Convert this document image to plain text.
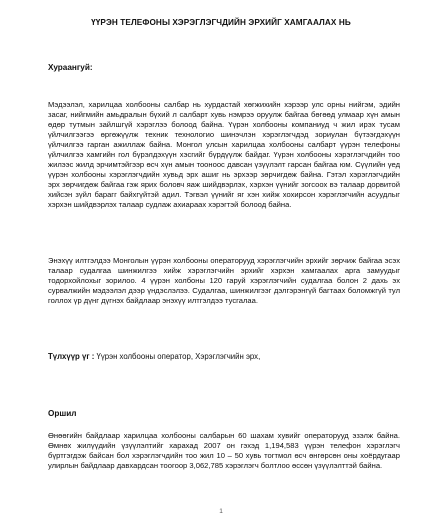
ҮҮРЭН ТЕЛЕФОНЫ ХЭРЭГЛЭГЧДИЙН ЭРХИЙГ ХАМГААЛАХ НЬ
Хураангуй:
Мэдээлэл, харилцаа холбооны салбар нь хурдастай хөгжихийн хэрээр улс орны нийгэм, эдийн засаг, нийгмийн амьдралын бүхий л салбарт хувь нэмрээ оруулж байгаа бөгөөд улмаар хүн амын өдөр тутмын зайлшгүй хэрэглээ болоод байна. Үүрэн холбооны компаниуд ч жил ирэх тусам үйлчилгээгээ өргөжүүлж техник технологио шинэчлэн хэрэглэгчдэд зориулан бүтээгдэхүүн үйлчилгээ гарган ажиллаж байна. Монгол улсын харилцаа холбооны салбарт үүрэн телефоны үйлчилгээ хамгийн гол бүрэлдэхүүн хэсгийг бүрдүүлж байдаг. Үүрэн холбооны хэрэглэгчдийн тоо жилээс жилд эрчимтэйгээр өсч хүн амын тооноос давсан үзүүлэлт гарсан байгаа юм. Сүүлийн үед үүрэн холбооны хэрэглэгчдийн хувьд эрх ашиг нь эрхээр зөрчигдөж байна. Гэтэл хэрэглэгчдийн эрх зөрчигдөж байгаа гэж ярих боловч яаж шийдвэрлэх, хэрхэн үүнийг зогсоох вэ талаар дорвитой хийсэн зүйл барагг байхгүйтэй адил. Тэгвэл үүнийг яг хэн хийж хохирсон хэрэглэгчийн асуудлыг хэрхэн шийдвэрлэх талаар судлаж ахиараах хэрэгтэй болоод байна.
Энэхүү илтгэлдээ Монголын үүрэн холбооны операторууд хэрэглэгчийн эрхийг зөрчиж байгаа эсэх талаар судалгаа шинжилгээ хийж хэрэглэгчийн эрхийг хэрхэн хамгаалах арга замуудыг тодорхойлохыг зорилоо. 4 үүрэн холбоны 120 гаруй хэрэглэгчийн судалгаа болон 2 дахь эх сурвалжийн мэдээлэл дээр үндэслэлээ. Судалгаа, шинжилгээг дэлгэрэнгүй багтаах боломжгүй тул голлох үр дүнг дүгнэх байдлаар энэхүү илтгэлдээ тусгалаа.
Түлхүүр үг : Үүрэн холбооны оператор, Хэрэглэгчийн эрх,
Оршил
Өнөөгийн байдлаар харилцаа холбооны салбарын 60 шахам хувийг операторууд эзэлж байна. Өмнөх жилүүдийн үзүүлэлтийг харахад 2007 он гэхэд 1,194,583 үүрэн телефон хэрэглэгч бүртгэгдэж байсан бол хэрэглэгчдийн тоо жил 10 – 50 хувь тогтмол өсч өнгөрсөн оны хоёрдугаар улирлын байдлаар давхардсан тоогоор 3,062,785 хэрэглэгч болтлоо өссөн үзүүлэлттэй байна.
1
